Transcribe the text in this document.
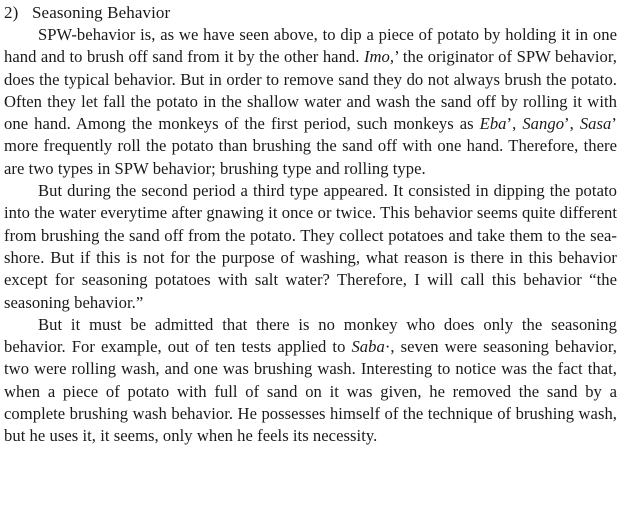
2) Seasoning Behavior

SPW-behavior is, as we have seen above, to dip a piece of potato by holding it in one hand and to brush off sand from it by the other hand. Imo,’ the originator of SPW behavior, does the typical behavior. But in order to remove sand they do not always brush the potato. Often they let fall the potato in the shallow water and wash the sand off by rolling it with one hand. Among the monkeys of the first period, such monkeys as Eba’, Sango’, Sasa’ more frequently roll the potato than brushing the sand off with one hand. Therefore, there are two types in SPW behavior; brushing type and rolling type.

But during the second period a third type appeared. It consisted in dipping the potato into the water everytime after gnawing it once or twice. This behavior seems quite different from brushing the sand off from the potato. They collect potatoes and take them to the sea-shore. But if this is not for the purpose of washing, what reason is there in this behavior except for seasoning potatoes with salt water? Therefore, I will call this behavior “the seasoning behavior.”

But it must be admitted that there is no monkey who does only the seasoning behavior. For example, out of ten tests applied to Saba·, seven were seasoning behavior, two were rolling wash, and one was brushing wash. Interesting to notice was the fact that, when a piece of potato with full of sand on it was given, he removed the sand by a complete brushing wash behavior. He possesses himself of the technique of brushing wash, but he uses it, it seems, only when he feels its necessity.
